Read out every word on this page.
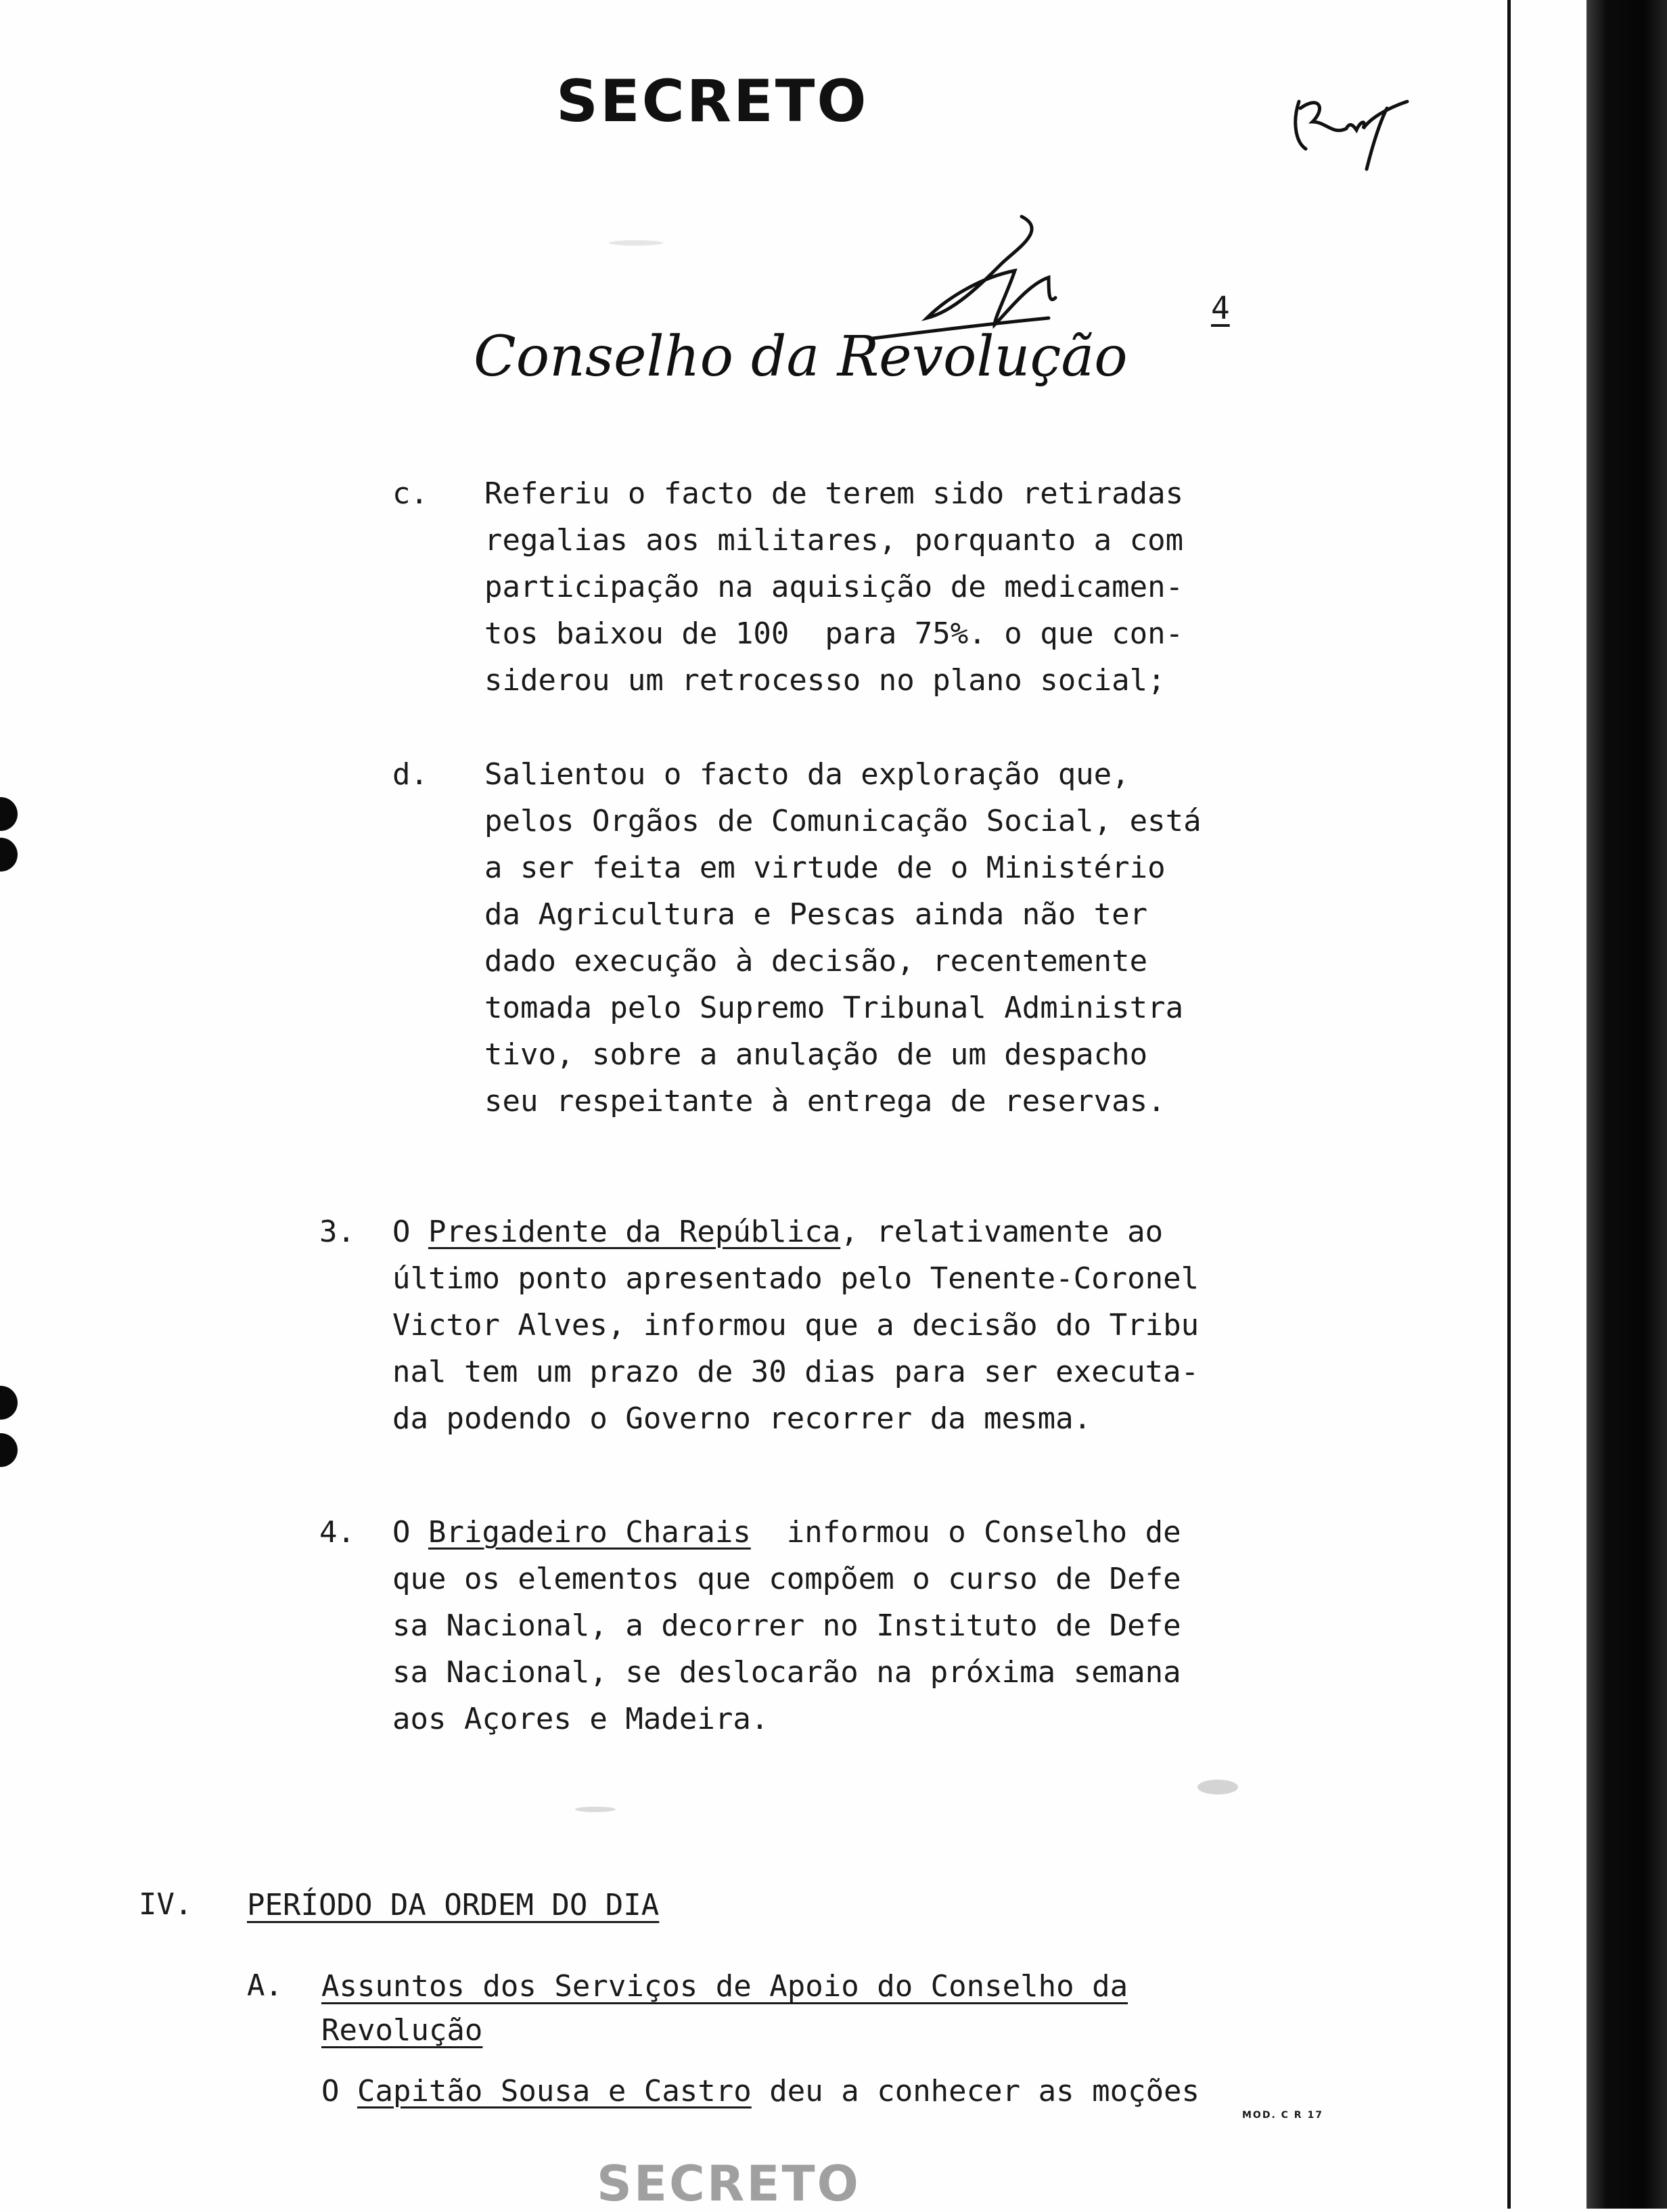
SECRETO
4
Conselho da Revolução
c. Referiu o facto de terem sido retiradas
regalias aos militares, porquanto a com
participação na aquisição de medicamen-
tos baixou de 100  para 75%. o que con-
siderou um retrocesso no plano social;
d. Salientou o facto da exploração que,
pelos Orgãos de Comunicação Social, está
a ser feita em virtude de o Ministério
da Agricultura e Pescas ainda não ter
dado execução à decisão, recentemente
tomada pelo Supremo Tribunal Administra
tivo, sobre a anulação de um despacho
seu respeitante à entrega de reservas.
3. O Presidente da República, relativamente ao
último ponto apresentado pelo Tenente-Coronel
Victor Alves, informou que a decisão do Tribu
nal tem um prazo de 30 dias para ser executa-
da podendo o Governo recorrer da mesma.
4. O Brigadeiro Charais  informou o Conselho de
que os elementos que compõem o curso de Defe
sa Nacional, a decorrer no Instituto de Defe
sa Nacional, se deslocarão na próxima semana
aos Açores e Madeira.
IV. PERÍODO DA ORDEM DO DIA
A. Assuntos dos Serviços de Apoio do Conselho da
Revolução
O Capitão Sousa e Castro deu a conhecer as moções
MOD. C R 17
SECRETO
